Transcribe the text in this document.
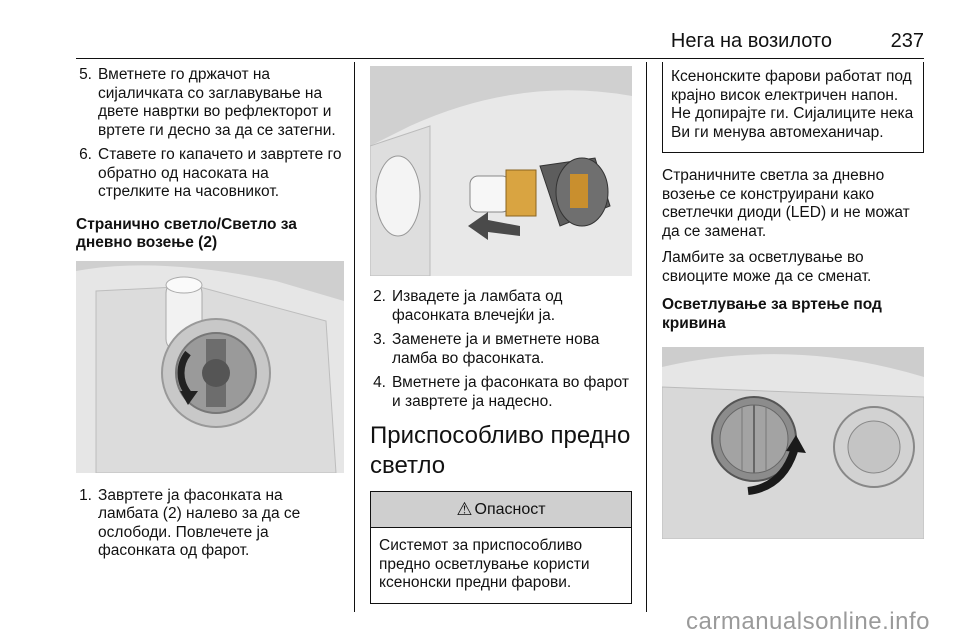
Нега на возилото	237
5. Вметнете го држачот на сијаличката со заглавување на двете навртки во рефлекторот и вртете ги десно за да се затегни.
6. Ставете го капачето и завртете го обратно од насоката на стрелките на часовникот.
Странично светло/Светло за дневно возење (2)
1. Завртете ја фасонката на ламбата (2) налево за да се ослободи. Повлечете ја фасонката од фарот.
2. Извадете ја ламбата од фасонката влечејќи ја.
3. Заменете ја и вметнете нова ламба во фасонката.
4. Вметнете ја фасонката во фарот и завртете ја надесно.
Приспособливо предно светло
⚠ Опасност
Системот за приспособливо предно осветлување користи ксенонски предни фарови.
Ксенонските фарови работат под крајно висок електричен напон. Не допирајте ги. Сијалиците нека Ви ги менува автомеханичар.
Страничните светла за дневно возење се конструирани како светлечки диоди (LED) и не можат да се заменат.
Ламбите за осветлување во свиоците може да се сменат.
Осветлување за вртење под кривина
carmanualsonline.info
